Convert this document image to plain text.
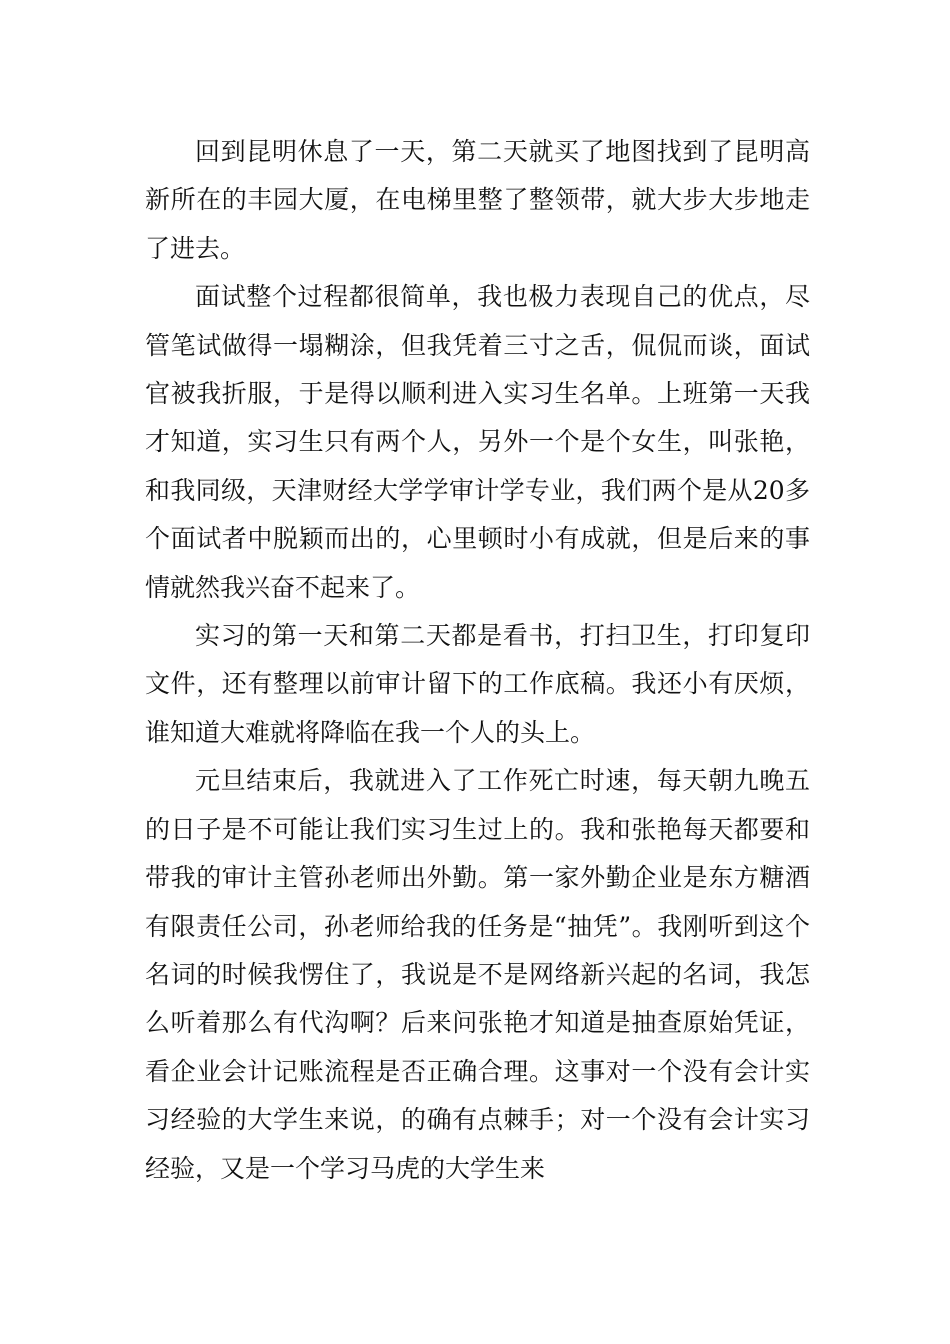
回到昆明休息了一天，第二天就买了地图找到了昆明高新所在的丰园大厦，在电梯里整了整领带，就大步大步地走了进去。

面试整个过程都很简单，我也极力表现自己的优点，尽管笔试做得一塌糊涂，但我凭着三寸之舌，侃侃而谈，面试官被我折服，于是得以顺利进入实习生名单。上班第一天我才知道，实习生只有两个人，另外一个是个女生，叫张艳，和我同级，天津财经大学学审计学专业，我们两个是从20多个面试者中脱颖而出的，心里顿时小有成就，但是后来的事情就然我兴奋不起来了。

实习的第一天和第二天都是看书，打扫卫生，打印复印文件，还有整理以前审计留下的工作底稿。我还小有厌烦，谁知道大难就将降临在我一个人的头上。

元旦结束后，我就进入了工作死亡时速，每天朝九晚五的日子是不可能让我们实习生过上的。我和张艳每天都要和带我的审计主管孙老师出外勤。第一家外勤企业是东方糖酒有限责任公司，孙老师给我的任务是“抽凭”。我刚听到这个名词的时候我愣住了，我说是不是网络新兴起的名词，我怎么听着那么有代沟啊？后来问张艳才知道是抽查原始凭证，看企业会计记账流程是否正确合理。这事对一个没有会计实习经验的大学生来说，的确有点棘手；对一个没有会计实习经验，又是一个学习马虎的大学生来
